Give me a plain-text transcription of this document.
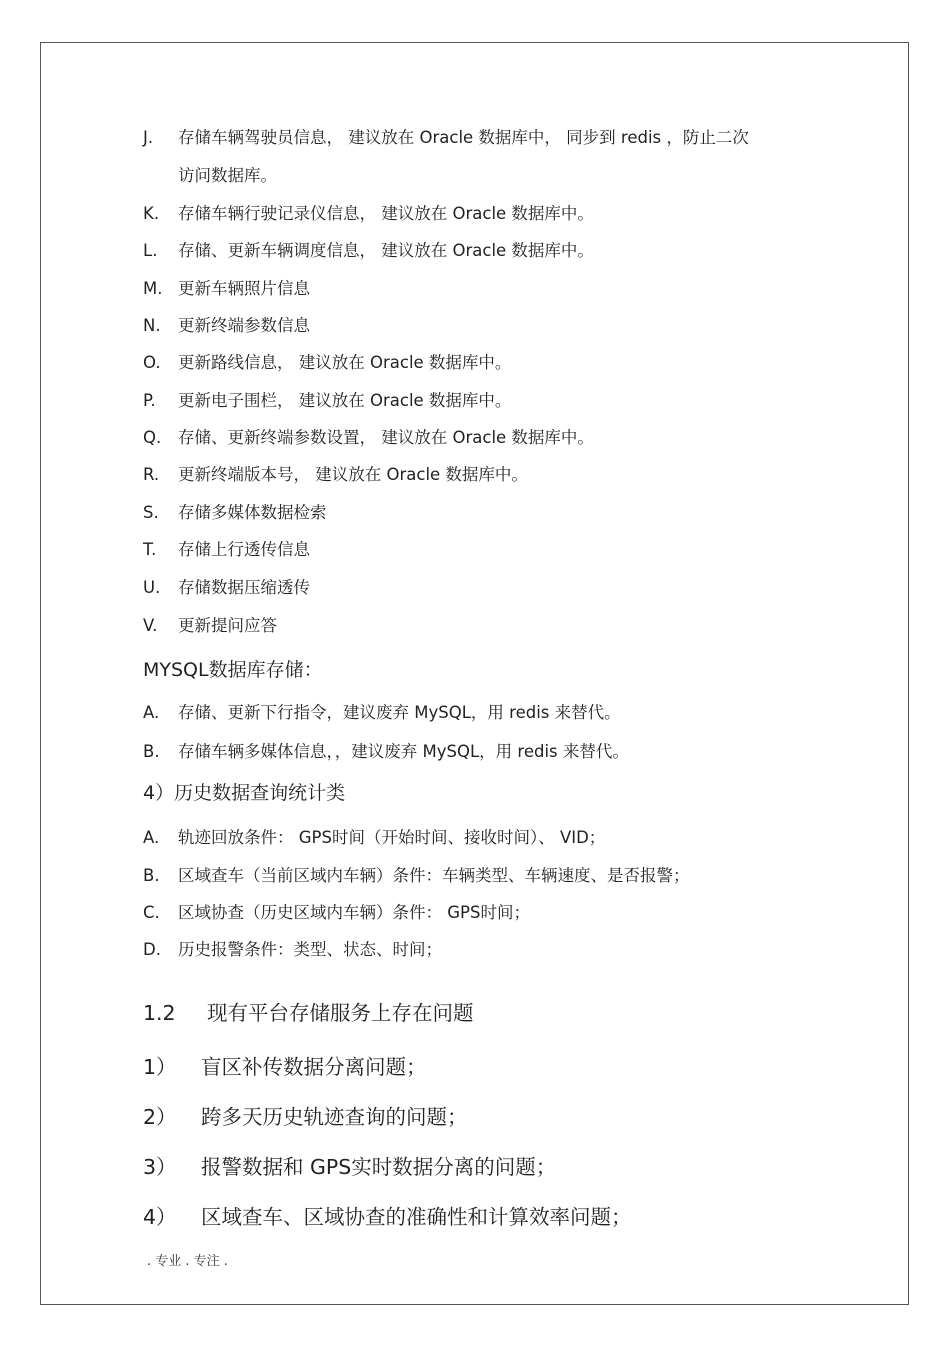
J. 存储车辆驾驶员信息， 建议放在 Oracle 数据库中， 同步到 redis ，防止二次
访问数据库。
K. 存储车辆行驶记录仪信息， 建议放在 Oracle 数据库中。
L. 存储、更新车辆调度信息， 建议放在 Oracle 数据库中。
M. 更新车辆照片信息
N. 更新终端参数信息
O. 更新路线信息， 建议放在 Oracle 数据库中。
P. 更新电子围栏， 建议放在 Oracle 数据库中。
Q. 存储、更新终端参数设置， 建议放在 Oracle 数据库中。
R. 更新终端版本号， 建议放在 Oracle 数据库中。
S. 存储多媒体数据检索
T. 存储上行透传信息
U. 存储数据压缩透传
V. 更新提问应答
MYSQL数据库存储：
A. 存储、更新下行指令，建议废弃 MySQL，用 redis 来替代。
B. 存储车辆多媒体信息，，建议废弃 MySQL，用 redis 来替代。
4）历史数据查询统计类
A. 轨迹回放条件： GPS时间（开始时间、接收时间）、 VID；
B. 区域查车（当前区域内车辆）条件：车辆类型、车辆速度、是否报警；
C. 区域协查（历史区域内车辆）条件： GPS时间；
D. 历史报警条件：类型、状态、时间；
1.2 现有平台存储服务上存在问题
1） 盲区补传数据分离问题；
2） 跨多天历史轨迹查询的问题；
3） 报警数据和 GPS实时数据分离的问题；
4） 区域查车、区域协查的准确性和计算效率问题；
. 专业 . 专注 .
